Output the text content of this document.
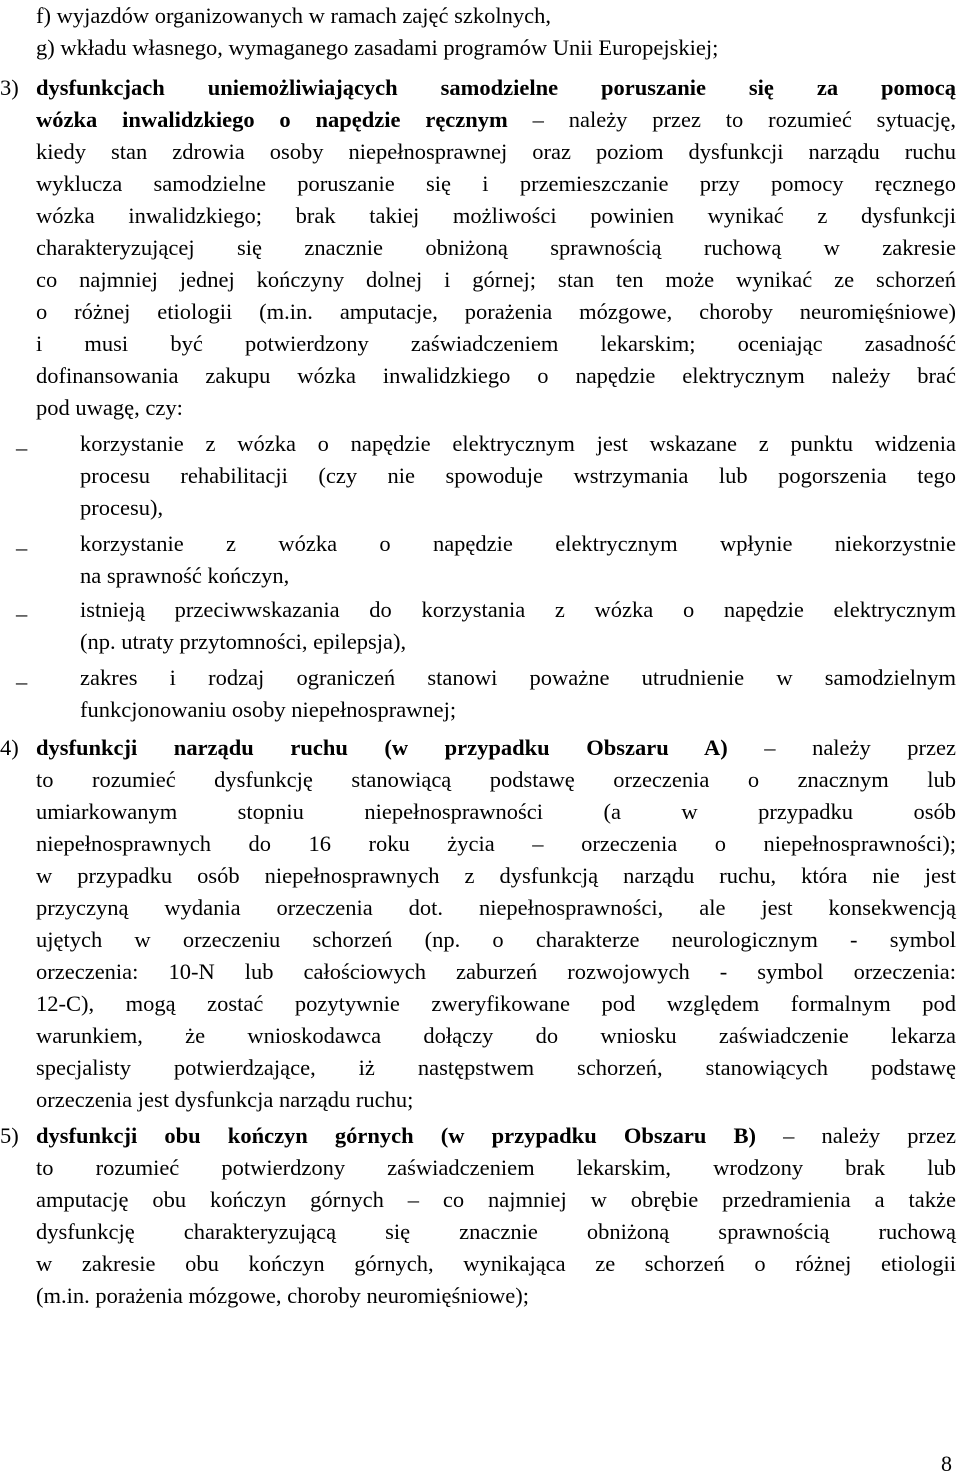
f) wyjazdów organizowanych w ramach zajęć szkolnych,
g) wkładu własnego, wymaganego zasadami programów Unii Europejskiej;
3) dysfunkcjach uniemożliwiających samodzielne poruszanie się za pomocą
wózka inwalidzkiego o napędzie ręcznym – należy przez to rozumieć sytuację,
kiedy stan zdrowia osoby niepełnosprawnej oraz poziom dysfunkcji narządu ruchu
wyklucza samodzielne poruszanie się i przemieszczanie przy pomocy ręcznego
wózka inwalidzkiego; brak takiej możliwości powinien wynikać z dysfunkcji
charakteryzującej się znacznie obniżoną sprawnością ruchową w zakresie
co najmniej jednej kończyny dolnej i górnej; stan ten może wynikać ze schorzeń
o różnej etiologii (m.in. amputacje, porażenia mózgowe, choroby neuromięśniowe)
i musi być potwierdzony zaświadczeniem lekarskim; oceniając zasadność
dofinansowania zakupu wózka inwalidzkiego o napędzie elektrycznym należy brać
pod uwagę, czy:
– korzystanie z wózka o napędzie elektrycznym jest wskazane z punktu widzenia
procesu rehabilitacji (czy nie spowoduje wstrzymania lub pogorszenia tego
procesu),
– korzystanie z wózka o napędzie elektrycznym wpłynie niekorzystnie
na sprawność kończyn,
– istnieją przeciwwskazania do korzystania z wózka o napędzie elektrycznym
(np. utraty przytomności, epilepsja),
– zakres i rodzaj ograniczeń stanowi poważne utrudnienie w samodzielnym
funkcjonowaniu osoby niepełnosprawnej;
4) dysfunkcji narządu ruchu (w przypadku Obszaru A) – należy przez
to rozumieć dysfunkcję stanowiącą podstawę orzeczenia o znacznym lub
umiarkowanym stopniu niepełnosprawności (a w przypadku osób
niepełnosprawnych do 16 roku życia – orzeczenia o niepełnosprawności);
w przypadku osób niepełnosprawnych z dysfunkcją narządu ruchu, która nie jest
przyczyną wydania orzeczenia dot. niepełnosprawności, ale jest konsekwencją
ujętych w orzeczeniu schorzeń (np. o charakterze neurologicznym - symbol
orzeczenia: 10-N lub całościowych zaburzeń rozwojowych - symbol orzeczenia:
12-C), mogą zostać pozytywnie zweryfikowane pod względem formalnym pod
warunkiem, że wnioskodawca dołączy do wniosku zaświadczenie lekarza
specjalisty potwierdzające, iż następstwem schorzeń, stanowiących podstawę
orzeczenia jest dysfunkcja narządu ruchu;
5) dysfunkcji obu kończyn górnych (w przypadku Obszaru B) – należy przez
to rozumieć potwierdzony zaświadczeniem lekarskim, wrodzony brak lub
amputację obu kończyn górnych – co najmniej w obrębie przedramienia a także
dysfunkcję charakteryzującą się znacznie obniżoną sprawnością ruchową
w zakresie obu kończyn górnych, wynikająca ze schorzeń o różnej etiologii
(m.in. porażenia mózgowe, choroby neuromięśniowe);
8
